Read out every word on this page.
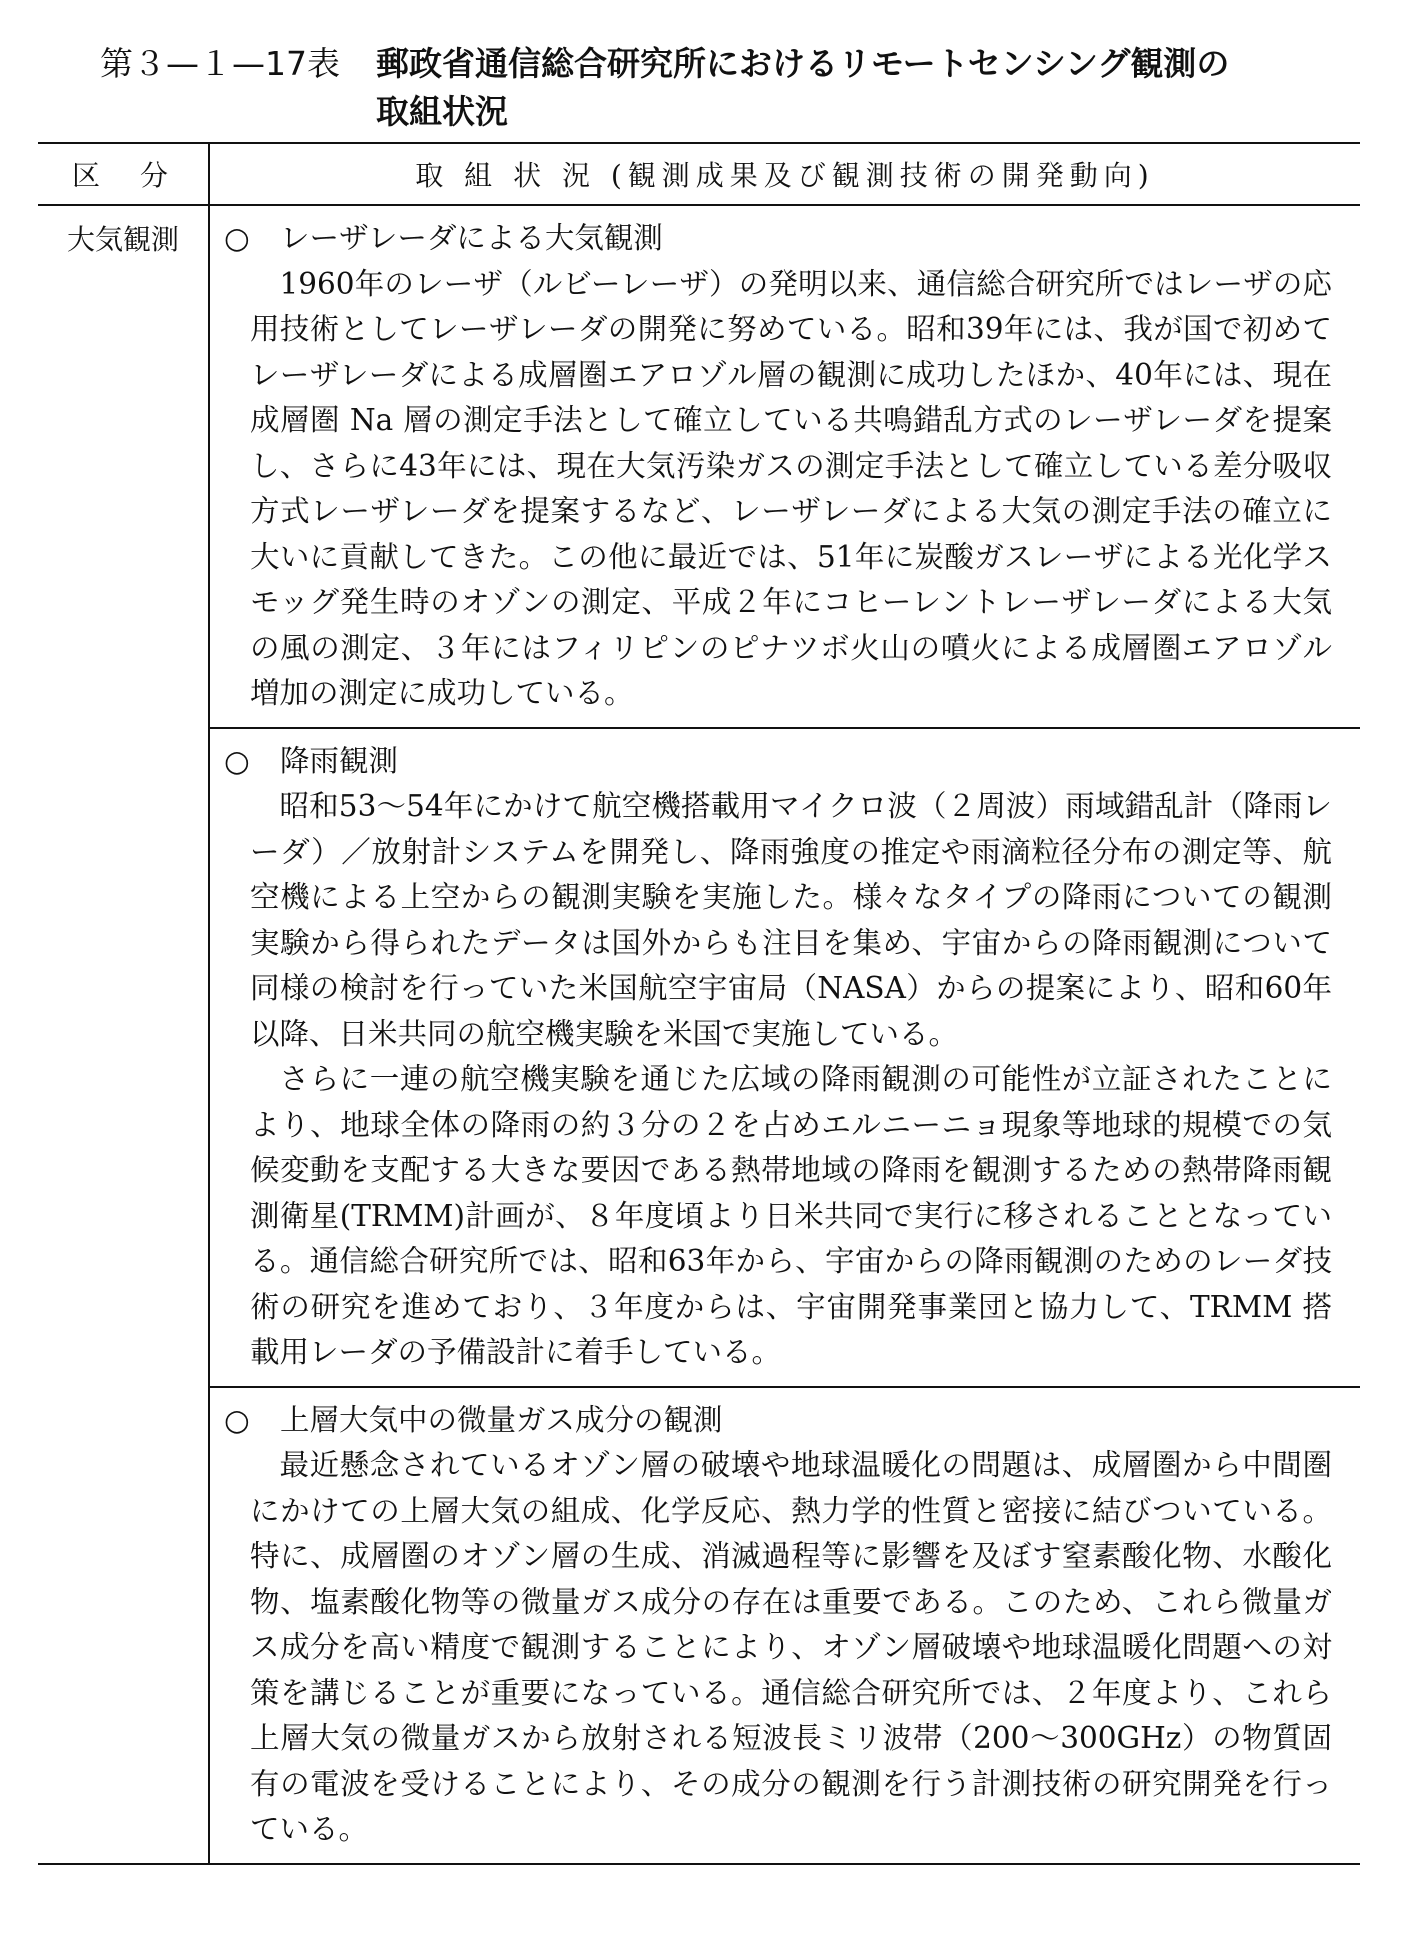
第３—１—17表 郵政省通信総合研究所におけるリモートセンシング観測の
取組状況
区　分	取 組 状 況 (観測成果及び観測技術の開発動向)
大気観測	○ レーザレーダによる大気観測

1960年のレーザ（ルビーレーザ）の発明以来、通信総合研究所ではレーザの応用技術としてレーザレーダの開発に努めている。昭和39年には、我が国で初めてレーザレーダによる成層圏エアロゾル層の観測に成功したほか、40年には、現在成層圏 Na 層の測定手法として確立している共鳴錯乱方式のレーザレーダを提案し、さらに43年には、現在大気汚染ガスの測定手法として確立している差分吸収方式レーザレーダを提案するなど、レーザレーダによる大気の測定手法の確立に大いに貢献してきた。この他に最近では、51年に炭酸ガスレーザによる光化学スモッグ発生時のオゾンの測定、平成２年にコヒーレントレーザレーダによる大気の風の測定、３年にはフィリピンのピナツボ火山の噴火による成層圏エアロゾル増加の測定に成功している。

	○ 降雨観測

昭和53〜54年にかけて航空機搭載用マイクロ波（２周波）雨域錯乱計（降雨レーダ）／放射計システムを開発し、降雨強度の推定や雨滴粒径分布の測定等、航空機による上空からの観測実験を実施した。様々なタイプの降雨についての観測実験から得られたデータは国外からも注目を集め、宇宙からの降雨観測について同様の検討を行っていた米国航空宇宙局（NASA）からの提案により、昭和60年以降、日米共同の航空機実験を米国で実施している。

さらに一連の航空機実験を通じた広域の降雨観測の可能性が立証されたことにより、地球全体の降雨の約３分の２を占めエルニーニョ現象等地球的規模での気候変動を支配する大きな要因である熱帯地域の降雨を観測するための熱帯降雨観測衛星(TRMM)計画が、８年度頃より日米共同で実行に移されることとなっている。通信総合研究所では、昭和63年から、宇宙からの降雨観測のためのレーダ技術の研究を進めており、３年度からは、宇宙開発事業団と協力して、TRMM 搭載用レーダの予備設計に着手している。

	○ 上層大気中の微量ガス成分の観測

最近懸念されているオゾン層の破壊や地球温暖化の問題は、成層圏から中間圏にかけての上層大気の組成、化学反応、熱力学的性質と密接に結びついている。特に、成層圏のオゾン層の生成、消滅過程等に影響を及ぼす窒素酸化物、水酸化物、塩素酸化物等の微量ガス成分の存在は重要である。このため、これら微量ガス成分を高い精度で観測することにより、オゾン層破壊や地球温暖化問題への対策を講じることが重要になっている。通信総合研究所では、２年度より、これら上層大気の微量ガスから放射される短波長ミリ波帯（200〜300GHz）の物質固有の電波を受けることにより、その成分の観測を行う計測技術の研究開発を行っている。
